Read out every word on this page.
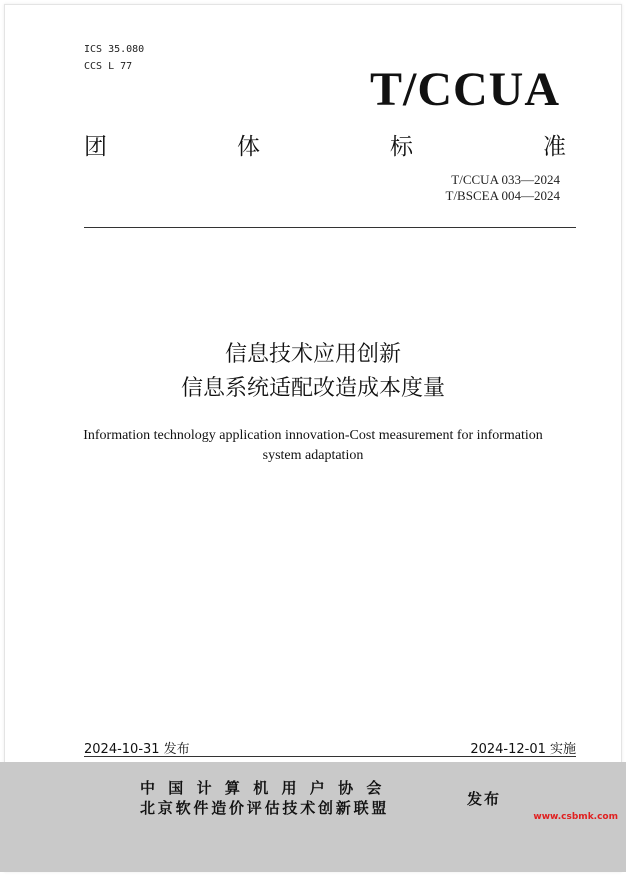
ICS 35.080
CCS L 77	T/CCUA
团	体	标	准
T/CCUA 033—2024
T/BSCEA 004—2024
信息技术应用创新
信息系统适配改造成本度量
Information technology application innovation-Cost measurement for information
system adaptation
2024‑10‑31 发布	2024‑12‑01 实施
中国计算机用户协会
北京软件造价评估技术创新联盟	发布
www.csbmk.com
